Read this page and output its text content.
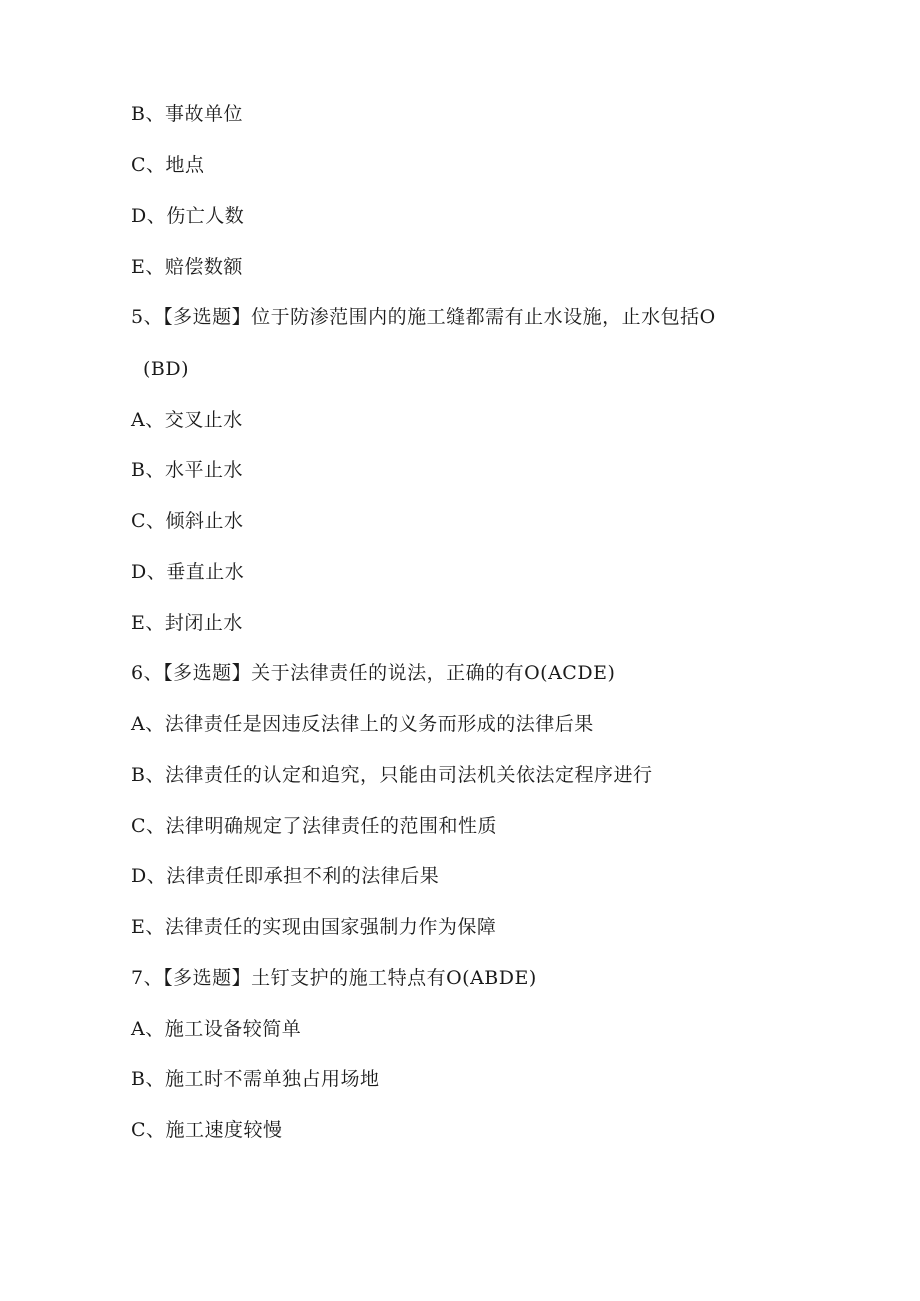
B、事故单位
C、地点
D、伤亡人数
E、赔偿数额
5、【多选题】位于防渗范围内的施工缝都需有止水设施，止水包括O
(BD)
A、交叉止水
B、水平止水
C、倾斜止水
D、垂直止水
E、封闭止水
6、【多选题】关于法律责任的说法，正确的有O(ACDE)
A、法律责任是因违反法律上的义务而形成的法律后果
B、法律责任的认定和追究，只能由司法机关依法定程序进行
C、法律明确规定了法律责任的范围和性质
D、法律责任即承担不利的法律后果
E、法律责任的实现由国家强制力作为保障
7、【多选题】土钉支护的施工特点有O(ABDE)
A、施工设备较简单
B、施工时不需单独占用场地
C、施工速度较慢
